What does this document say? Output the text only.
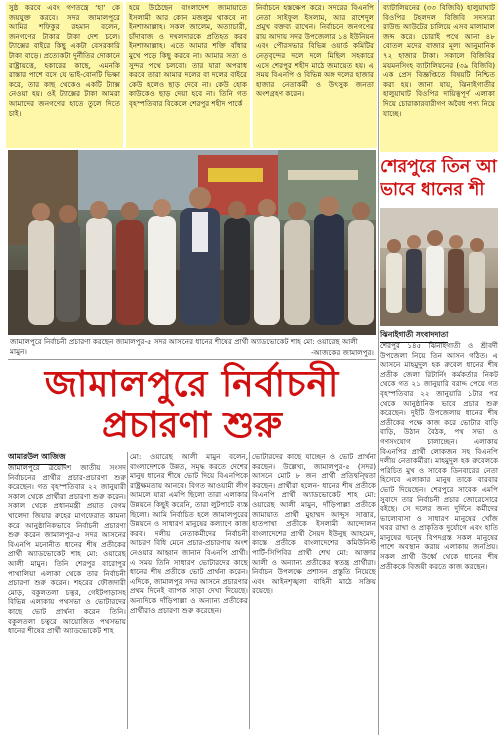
সুষ্ঠ করবে এবং গণতন্ত্রে ‘হা’ কে জয়যুক্ত করবে। সদর জামালপুরে আমির শফিকুর রহমান বলেন, জনগণের টাকার টাকা দেশ চলে। ট্যাক্সের বাইরে কিছু একটা বেসরকারি টাকা বাড়ে। প্রত্যেকটা দুর্নীতির দোকানে রাষ্ট্রায়ত্তে, হকারের কাছে, এমনকি রাস্তার পাশে বসে যে ভাই-বোনটি ভিক্ষা করে, তার কাছ থেকেও একটি ট্যাক্স নেওয়া হয়। ওই ট্যাক্সের টাকা আমরা আমাদের জনগণের হাতে তুলে দিতে চাই।

হয়ে উঠেছেন বাংলাদেশ জামায়াতে ইসলামী আর কোন মজলুম থাকবে না ইনশাআল্লাহ। সকল জালেম, অত্যাচারী, চাঁদাবাজ ও দখলদারকে প্রতিহত করব ইনশাআল্লাহ। এতে আমার শক্তি বাঁধার মুখে পড়ে কিছু করবে না। আমার সত্য ও সুন্দর পথে চলবো। তার যারা অপরাধ করবে তারা আমার দলের বা দলের বাইরে কেউ হলেও ছাড় দেবে না। কেউ হোক কাউকেও ছাড় দেয়া হবে না। তিনি গত বৃহস্পতিবার বিকেলে শেরপুর শহীদ পার্কে

নির্বাচনে হস্তক্ষেপ করে। সদরের বিএনপি নেতা সাইফুল ইসলাম, আর রাশেদুল প্রমুখ বক্তব্য রাখেন। নির্বাচনে জনগণের রায় আদায় সদর উপজেলার ১৪ ইউনিয়ন এবং পৌরসভার বিভিন্ন ওয়ার্ড কমিটির নেতৃবৃন্দের দলে দলে মিছিল সহকারে এসে শেরপুর শহীদ মাঠে জমায়েত হয়। এ সময় বিএনপি ও বিভিন্ন অঙ্গ দলের হাজার হাজার নেতাকর্মী ও উৎসুক জনতা অংশগ্রহণ করেন।

ব্যাটালিয়নের (৩৩ বিজিবি) হালুয়াঘাট বিওপির টহলদল বিজিবি সদস্যরা রাউন্ড আউটের চালিয়ে এসব মালামাল জব্দ করে। চোরাই পথে আনা ৪৮ বোতল মদের বাজার মূল্য আনুমানিক ৭২ হাজার টাকা। সকালে বিজিবির ময়মনসিংহ ব্যাটালিয়নের (৩৯ বিজিবি) এক প্রেস বিজ্ঞপ্তিতে বিষয়টি নিশ্চিত করা হয়। জানা যায়, ঝিনাইগাতীর হালুয়াঘাট বিওপির দায়িত্বপূর্ণ এলাকা দিয়ে চোরাকারবারীগণ অবৈধ পণ্য নিয়ে যাচ্ছে।

জামালপুরে নির্বাচনী প্রচারণা করছেন জামালপুর-৫ সদর আসনের ধানের শীষের প্রার্থী অ্যাডভোকেট শাহ মো: ওয়ারেছ আলী মামুন।	-আজকের জামালপুর।
জামালপুরে নির্বাচনী
প্রচারণা শুরু
আমারউল আজিজ

জামালপুরে ত্রয়োদশ জাতীয় সংসদ নির্বাচনের প্রার্থীর প্রচার-প্রচারণা শুরু করেছেন। গত বৃহস্পতিবার ২২ জানুয়ারী সকাল থেকে প্রার্থীরা প্রচারণা শুরু করেন। সকাল থেকে প্রধানমন্ত্রী প্রয়াত বেগম খালেদা জিয়ার রুহের মাগফেরাত কামনা করে আনুষ্ঠানিকভাবে নির্বাচনী প্রচারণা শুরু করেন জামালপুর-৫ সদর আসনের বিএনপি মনোনীত ধানের শীষ প্রতীকের প্রার্থী অ্যাডভোকেট শাহ মো: ওয়ারেছ আলী মামুন। তিনি শেরপুর বারোপুর পাথালিয়া এলাকা থেকে তার নির্বাচনী প্রচারণা শুরু করেন। শহরের ফৌজদারী মোড়, বকুলতলা চত্বর, গেইটপাড়াসহ বিভিন্ন এলাকায় পথসভা ও ভোটারদের কাছে ভোট প্রার্থনা করেন তিনি। বকুলতলা চত্বরে আয়োজিত পথসভায় ধানের শীষের প্রার্থী অ্যাডভোকেট শাহ

মো: ওয়ারেছ আলী মামুন বলেন, বাংলাদেশকে উন্নত, সমৃদ্ধ করতে দেশের মানুষ ধানের শীষে ভোট দিয়ে বিএনপিকে রাষ্ট্রক্ষমতায় আনবে। বিগত আওয়ামী লীগ আমলে যারা এমপি ছিলো তারা এলাকার উন্নয়নে কিছুই করেনি, তারা লুটপাটে ব্যস্ত ছিলো। আমি নির্বাচিত হলে জামালপুরের উন্নয়নে ও সাধারণ মানুষের কল্যাণে কাজ করব। দলীয় নেতাকর্মীদের নির্বাচনী আচরণ বিধি মেনে প্রচার-প্রচারণায় অংশ নেওয়ার আহ্বান জানান বিএনপি প্রার্থী। এ সময় তিনি সাধারণ ভোটারদের কাছে ধানের শীষ প্রতীকে ভোট প্রার্থনা করেন। এদিকে, জামালপুর সদর আসনে প্রচারণার প্রথম দিনেই ব্যাপক সাড়া দেখা দিয়েছে। অন্যদিকে দাঁড়িপাল্লা ও অন্যান্য প্রতীকের প্রার্থীরাও প্রচারণা শুরু করেছেন।

ভোটারদের কাছে যাচ্ছেন ও ভোট প্রার্থনা করছেন। উল্লেখ্য, জামালপুর-৫ (সদর) আসনে মোট ৮ জন প্রার্থী প্রতিদ্বন্দ্বিতা করছেন। প্রার্থীরা হলেন- ধানের শীষ প্রতীকে বিএনপি প্রার্থী অ্যাডভোকেট শাহ মো: ওয়ারেছ আলী মামুন, দাঁড়িপাল্লা প্রতীকে জামায়াত প্রার্থী মুহাম্মদ আব্দুস সাত্তার, হাতপাখা প্রতীকে ইসলামী আন্দোলন বাংলাদেশের প্রার্থী সৈয়দ ইউনুছ আহমেদ, কাস্তে প্রতীকে বাংলাদেশের কমিউনিস্ট পার্টি-সিপিবির প্রার্থী শেখ মো: আক্তার আলী ও অন্যান্য প্রতীকের স্বতন্ত্র প্রার্থীরা। নির্বাচন উপলক্ষে প্রশাসন প্রস্তুতি নিয়েছে এবং আইনশৃঙ্খলা বাহিনী মাঠে সক্রিয় রয়েছে।

শেরপুরে তিন আ
ভাবে ধানের শী
ঝিনাইগাতী সংবাদদাতা

শেরপুর ১৪৫ ঝিনাইগাতী ও শ্রীবর্দী উপজেলা নিয়ে তিন আসন গঠিত। এ আসনে মাহমুদুল হক রুবেল ধানের শীষ প্রতীক জেলা রিটার্নিং কর্মকর্তার নিকট থেকে গত ২১ জানুয়ারি বরাদ্দ পেয়ে গত বৃহস্পতিবার ২২ জানুয়ারি ১টার পর থেকে আনুষ্ঠানিক ভাবে প্রচার শুরু করেছেন। দুইটি উপজেলায় ধানের শীষ প্রতীকের পক্ষে কাজ করে ভোটার বাড়ি বাড়ি, উঠান বৈঠক, পথ সভা ও গণসংযোগ চালাচ্ছেন। এলাকায় বিএনপির প্রার্থী লোকজন সহ বিএনপি দলীয় নেতাকর্মীরা। মাহমুদুল হক রুবেলকে পরিচিত মুখ ও সাবেক ডিনবারের নেতা হিসেবে এলাকার মানুষ তাকে বারবার ভোট দিয়েছেন। শেরপুরে সাবেক এমপি সুবাদে তার নির্বাচনী প্রচার জোরেসোরে বইছে। সে দলের জন্য দুর্দিনে কর্মীদের ভালোবাসা ও সাধারণ মানুষের খোঁজ খবর রাখা ও প্রাকৃতিক দুর্যোগে এবং হাতি মানুষের দ্বন্দ্বে বিপদগ্রস্ত সকল মানুষের পাশে অবস্থান করায় এলাকায় জনপ্রিয়। সকল প্রার্থী উর্ধ্বে থেকে ধানের শীষ প্রতীককে বিজয়ী করতে কাজ করছেন।
